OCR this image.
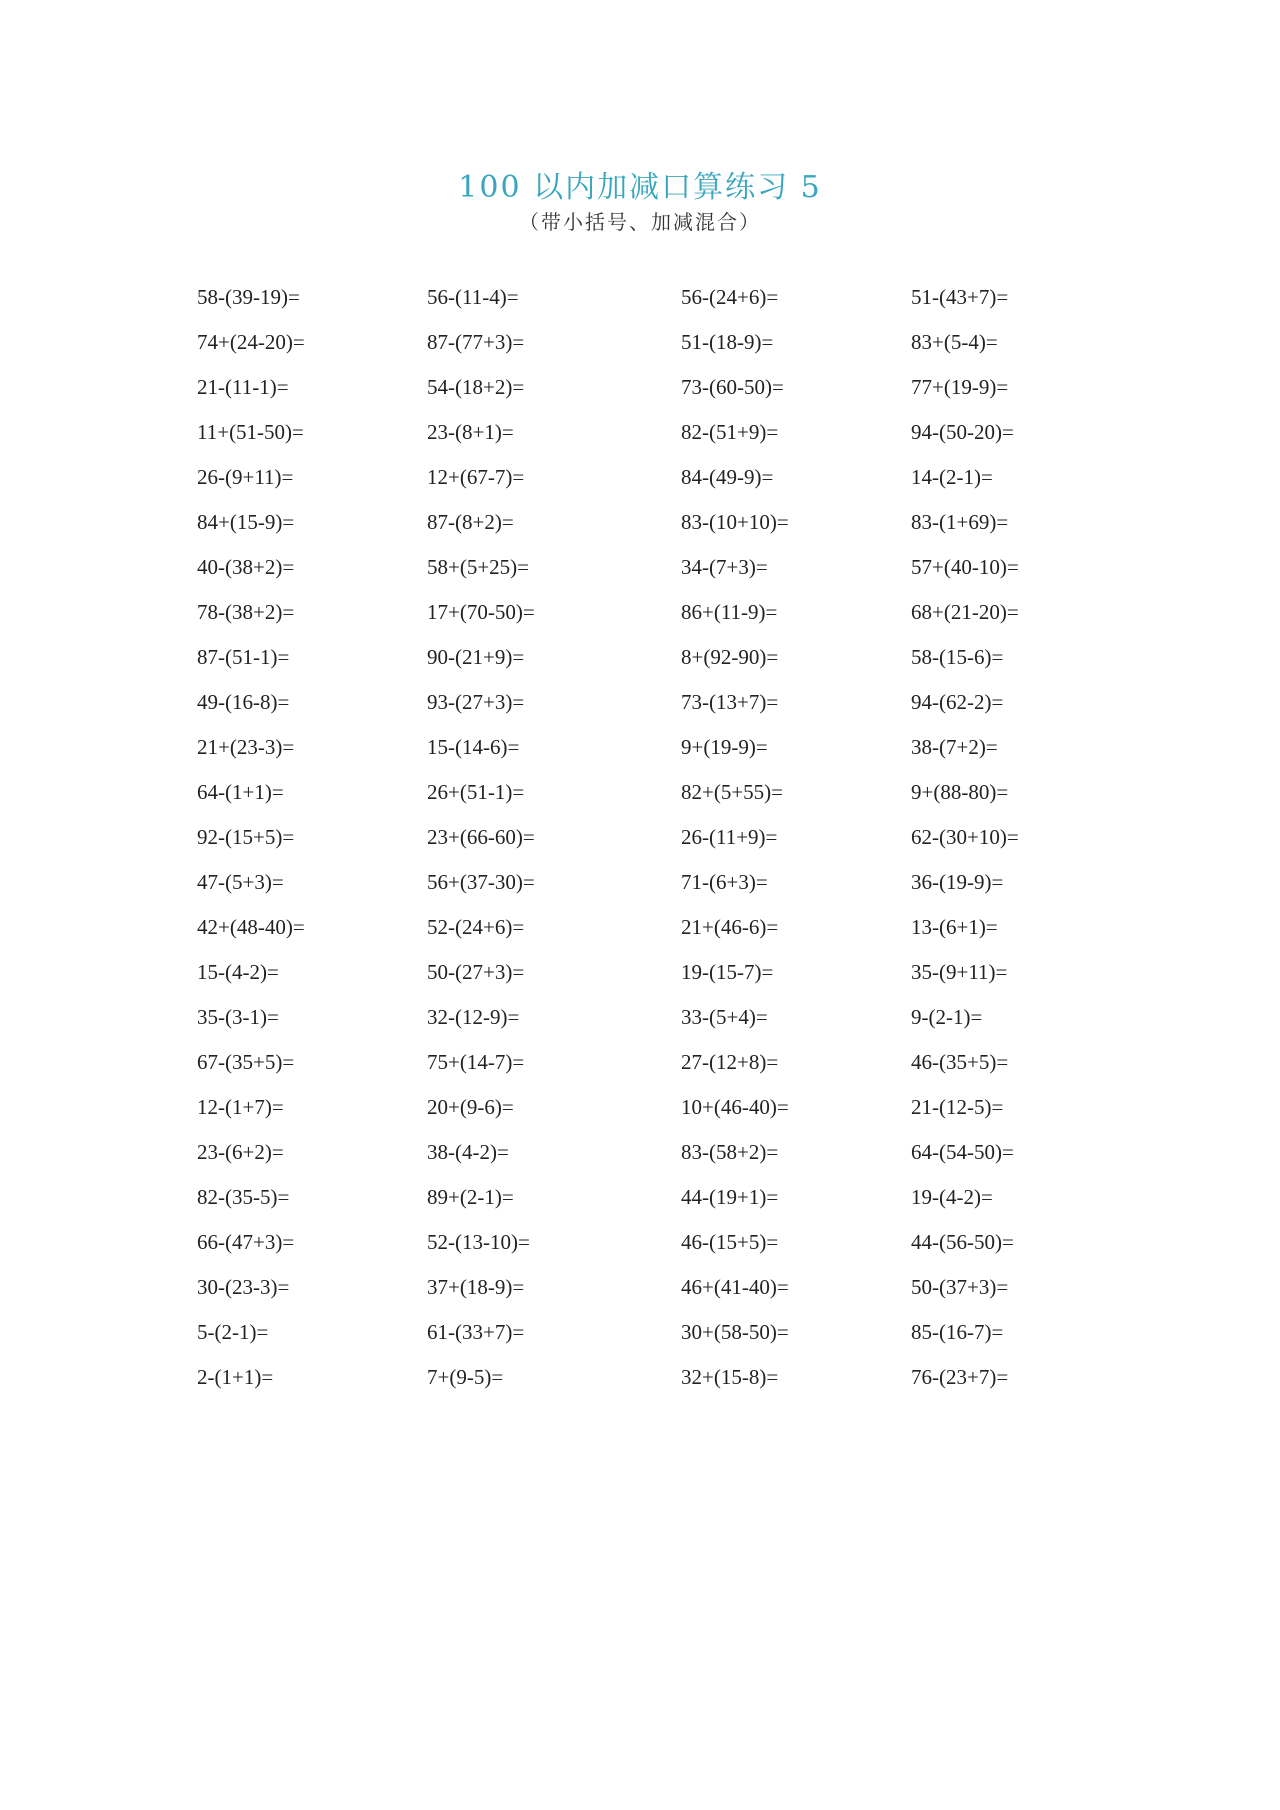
100 以内加减口算练习 5
（带小括号、加减混合）
58-(39-19)=	56-(11-4)=	56-(24+6)=	51-(43+7)=
74+(24-20)=	87-(77+3)=	51-(18-9)=	83+(5-4)=
21-(11-1)=	54-(18+2)=	73-(60-50)=	77+(19-9)=
11+(51-50)=	23-(8+1)=	82-(51+9)=	94-(50-20)=
26-(9+11)=	12+(67-7)=	84-(49-9)=	14-(2-1)=
84+(15-9)=	87-(8+2)=	83-(10+10)=	83-(1+69)=
40-(38+2)=	58+(5+25)=	34-(7+3)=	57+(40-10)=
78-(38+2)=	17+(70-50)=	86+(11-9)=	68+(21-20)=
87-(51-1)=	90-(21+9)=	8+(92-90)=	58-(15-6)=
49-(16-8)=	93-(27+3)=	73-(13+7)=	94-(62-2)=
21+(23-3)=	15-(14-6)=	9+(19-9)=	38-(7+2)=
64-(1+1)=	26+(51-1)=	82+(5+55)=	9+(88-80)=
92-(15+5)=	23+(66-60)=	26-(11+9)=	62-(30+10)=
47-(5+3)=	56+(37-30)=	71-(6+3)=	36-(19-9)=
42+(48-40)=	52-(24+6)=	21+(46-6)=	13-(6+1)=
15-(4-2)=	50-(27+3)=	19-(15-7)=	35-(9+11)=
35-(3-1)=	32-(12-9)=	33-(5+4)=	9-(2-1)=
67-(35+5)=	75+(14-7)=	27-(12+8)=	46-(35+5)=
12-(1+7)=	20+(9-6)=	10+(46-40)=	21-(12-5)=
23-(6+2)=	38-(4-2)=	83-(58+2)=	64-(54-50)=
82-(35-5)=	89+(2-1)=	44-(19+1)=	19-(4-2)=
66-(47+3)=	52-(13-10)=	46-(15+5)=	44-(56-50)=
30-(23-3)=	37+(18-9)=	46+(41-40)=	50-(37+3)=
5-(2-1)=	61-(33+7)=	30+(58-50)=	85-(16-7)=
2-(1+1)=	7+(9-5)=	32+(15-8)=	76-(23+7)=
